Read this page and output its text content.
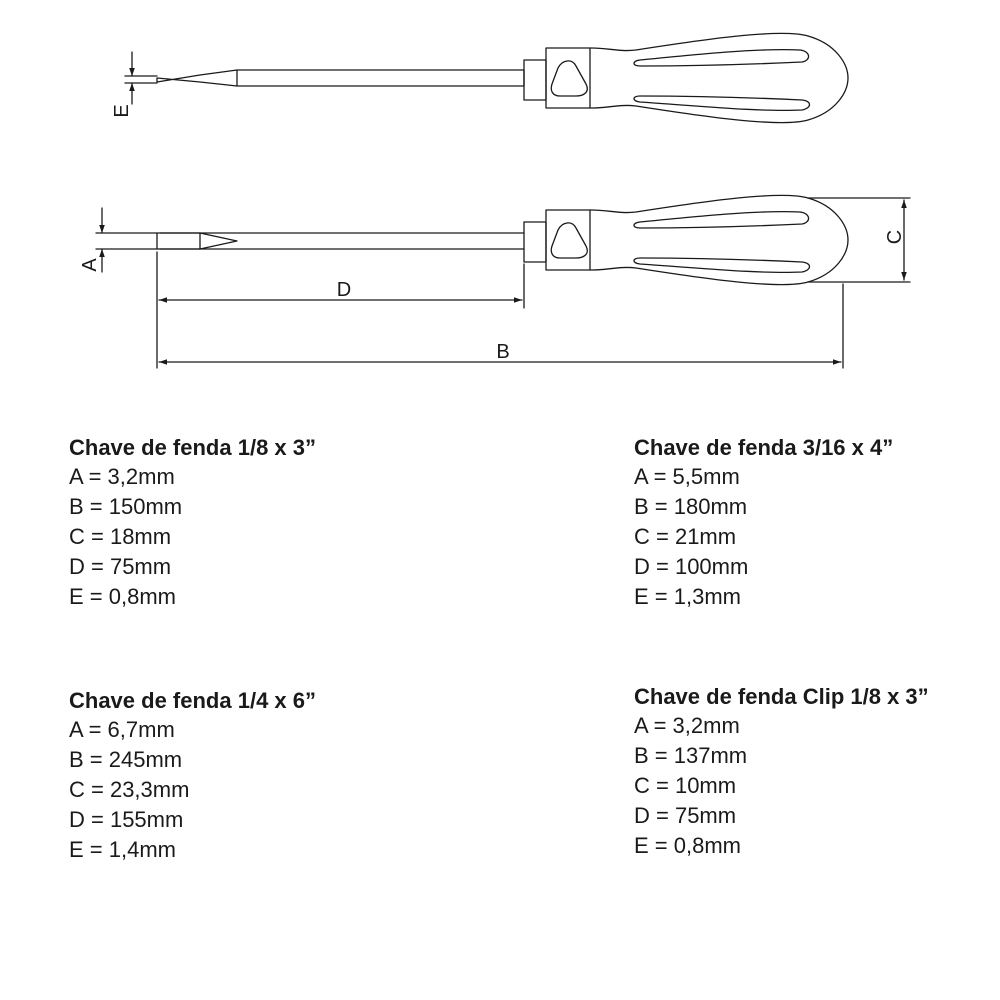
E
A
C
D
B

Chave de fenda 1/8 x 3”

A = 3,2mm

B = 150mm

C = 18mm

D = 75mm

E = 0,8mm

Chave de fenda 3/16 x 4”

A = 5,5mm

B = 180mm

C = 21mm

D = 100mm

E = 1,3mm

Chave de fenda 1/4 x 6”

A = 6,7mm

B = 245mm

C = 23,3mm

D = 155mm

E = 1,4mm

Chave de fenda Clip 1/8 x 3”

A = 3,2mm

B = 137mm

C = 10mm

D = 75mm

E = 0,8mm
